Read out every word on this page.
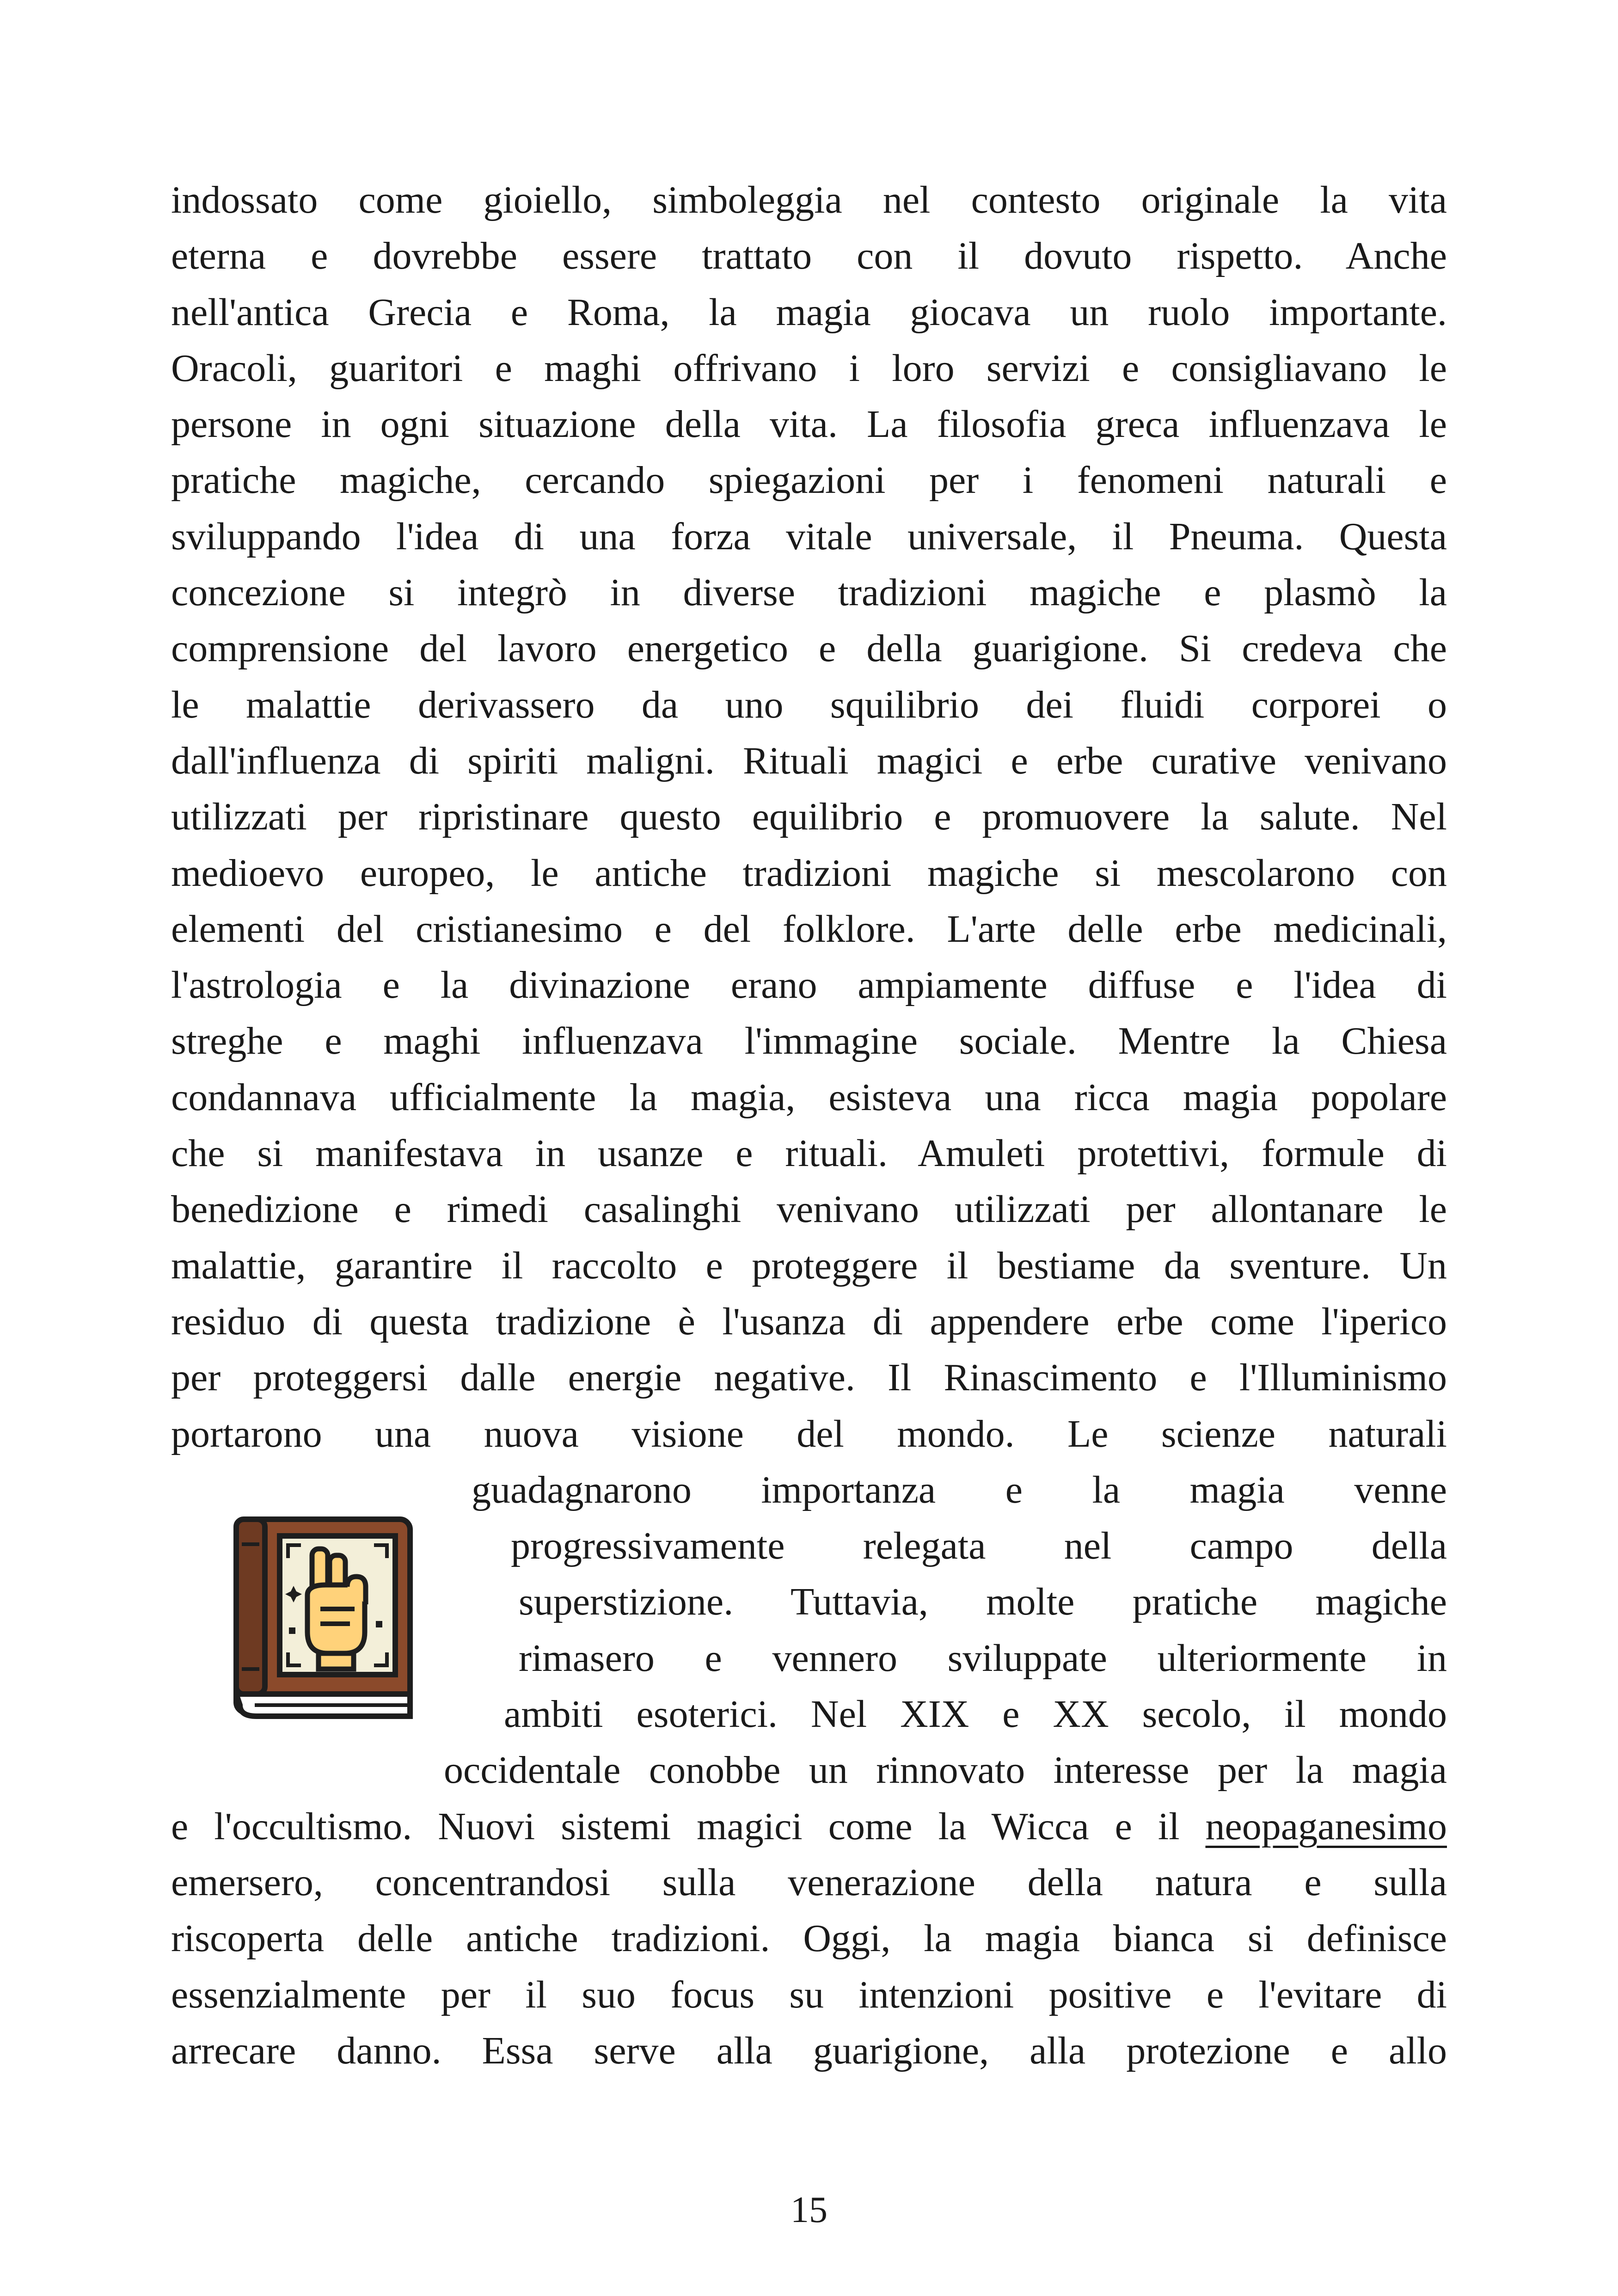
indossato come gioiello, simboleggia nel contesto originale la vita
eterna e dovrebbe essere trattato con il dovuto rispetto. Anche
nell'antica Grecia e Roma, la magia giocava un ruolo importante.
Oracoli, guaritori e maghi offrivano i loro servizi e consigliavano le
persone in ogni situazione della vita. La filosofia greca influenzava le
pratiche magiche, cercando spiegazioni per i fenomeni naturali e
sviluppando l'idea di una forza vitale universale, il Pneuma. Questa
concezione si integrò in diverse tradizioni magiche e plasmò la
comprensione del lavoro energetico e della guarigione. Si credeva che
le malattie derivassero da uno squilibrio dei fluidi corporei o
dall'influenza di spiriti maligni. Rituali magici e erbe curative venivano
utilizzati per ripristinare questo equilibrio e promuovere la salute. Nel
medioevo europeo, le antiche tradizioni magiche si mescolarono con
elementi del cristianesimo e del folklore. L'arte delle erbe medicinali,
l'astrologia e la divinazione erano ampiamente diffuse e l'idea di
streghe e maghi influenzava l'immagine sociale. Mentre la Chiesa
condannava ufficialmente la magia, esisteva una ricca magia popolare
che si manifestava in usanze e rituali. Amuleti protettivi, formule di
benedizione e rimedi casalinghi venivano utilizzati per allontanare le
malattie, garantire il raccolto e proteggere il bestiame da sventure. Un
residuo di questa tradizione è l'usanza di appendere erbe come l'iperico
per proteggersi dalle energie negative. Il Rinascimento e l'Illuminismo
portarono una nuova visione del mondo. Le scienze naturali
guadagnarono importanza e la magia venne
progressivamente relegata nel campo della
superstizione. Tuttavia, molte pratiche magiche
rimasero e vennero sviluppate ulteriormente in
ambiti esoterici. Nel XIX e XX secolo, il mondo
occidentale conobbe un rinnovato interesse per la magia
e l'occultismo. Nuovi sistemi magici come la Wicca e il neopaganesimo
emersero, concentrandosi sulla venerazione della natura e sulla
riscoperta delle antiche tradizioni. Oggi, la magia bianca si definisce
essenzialmente per il suo focus su intenzioni positive e l'evitare di
arrecare danno. Essa serve alla guarigione, alla protezione e allo
15
